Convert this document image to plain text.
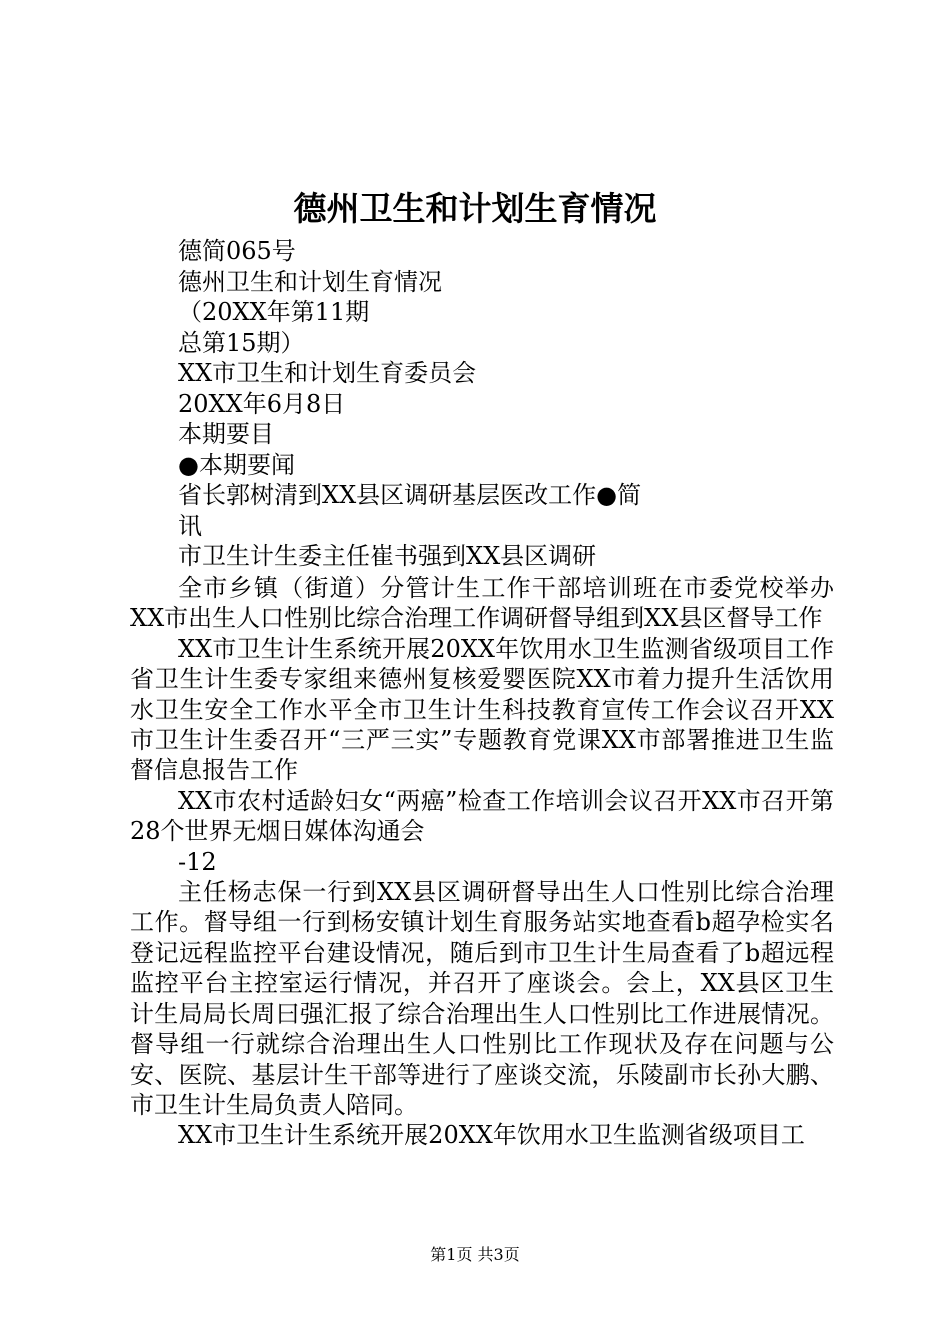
德州卫生和计划生育情况
德简065号
德州卫生和计划生育情况
（20XX年第11期
总第15期）
XX市卫生和计划生育委员会
20XX年6月8日
本期要目
●本期要闻
省长郭树清到XX县区调研基层医改工作●简
讯
市卫生计生委主任崔书强到XX县区调研

全市乡镇（街道）分管计生工作干部培训班在市委党校举办XX市出生人口性别比综合治理工作调研督导组到XX县区督导工作

XX市卫生计生系统开展20XX年饮用水卫生监测省级项目工作省卫生计生委专家组来德州复核爱婴医院XX市着力提升生活饮用水卫生安全工作水平全市卫生计生科技教育宣传工作会议召开XX市卫生计生委召开“三严三实”专题教育党课XX市部署推进卫生监督信息报告工作

XX市农村适龄妇女“两癌”检查工作培训会议召开XX市召开第28个世界无烟日媒体沟通会

-12

主任杨志保一行到XX县区调研督导出生人口性别比综合治理工作。督导组一行到杨安镇计划生育服务站实地查看b超孕检实名登记远程监控平台建设情况，随后到市卫生计生局查看了b超远程监控平台主控室运行情况，并召开了座谈会。会上，XX县区卫生计生局局长周曰强汇报了综合治理出生人口性别比工作进展情况。督导组一行就综合治理出生人口性别比工作现状及存在问题与公安、医院、基层计生干部等进行了座谈交流，乐陵副市长孙大鹏、市卫生计生局负责人陪同。

XX市卫生计生系统开展20XX年饮用水卫生监测省级项目工

第1页 共3页
